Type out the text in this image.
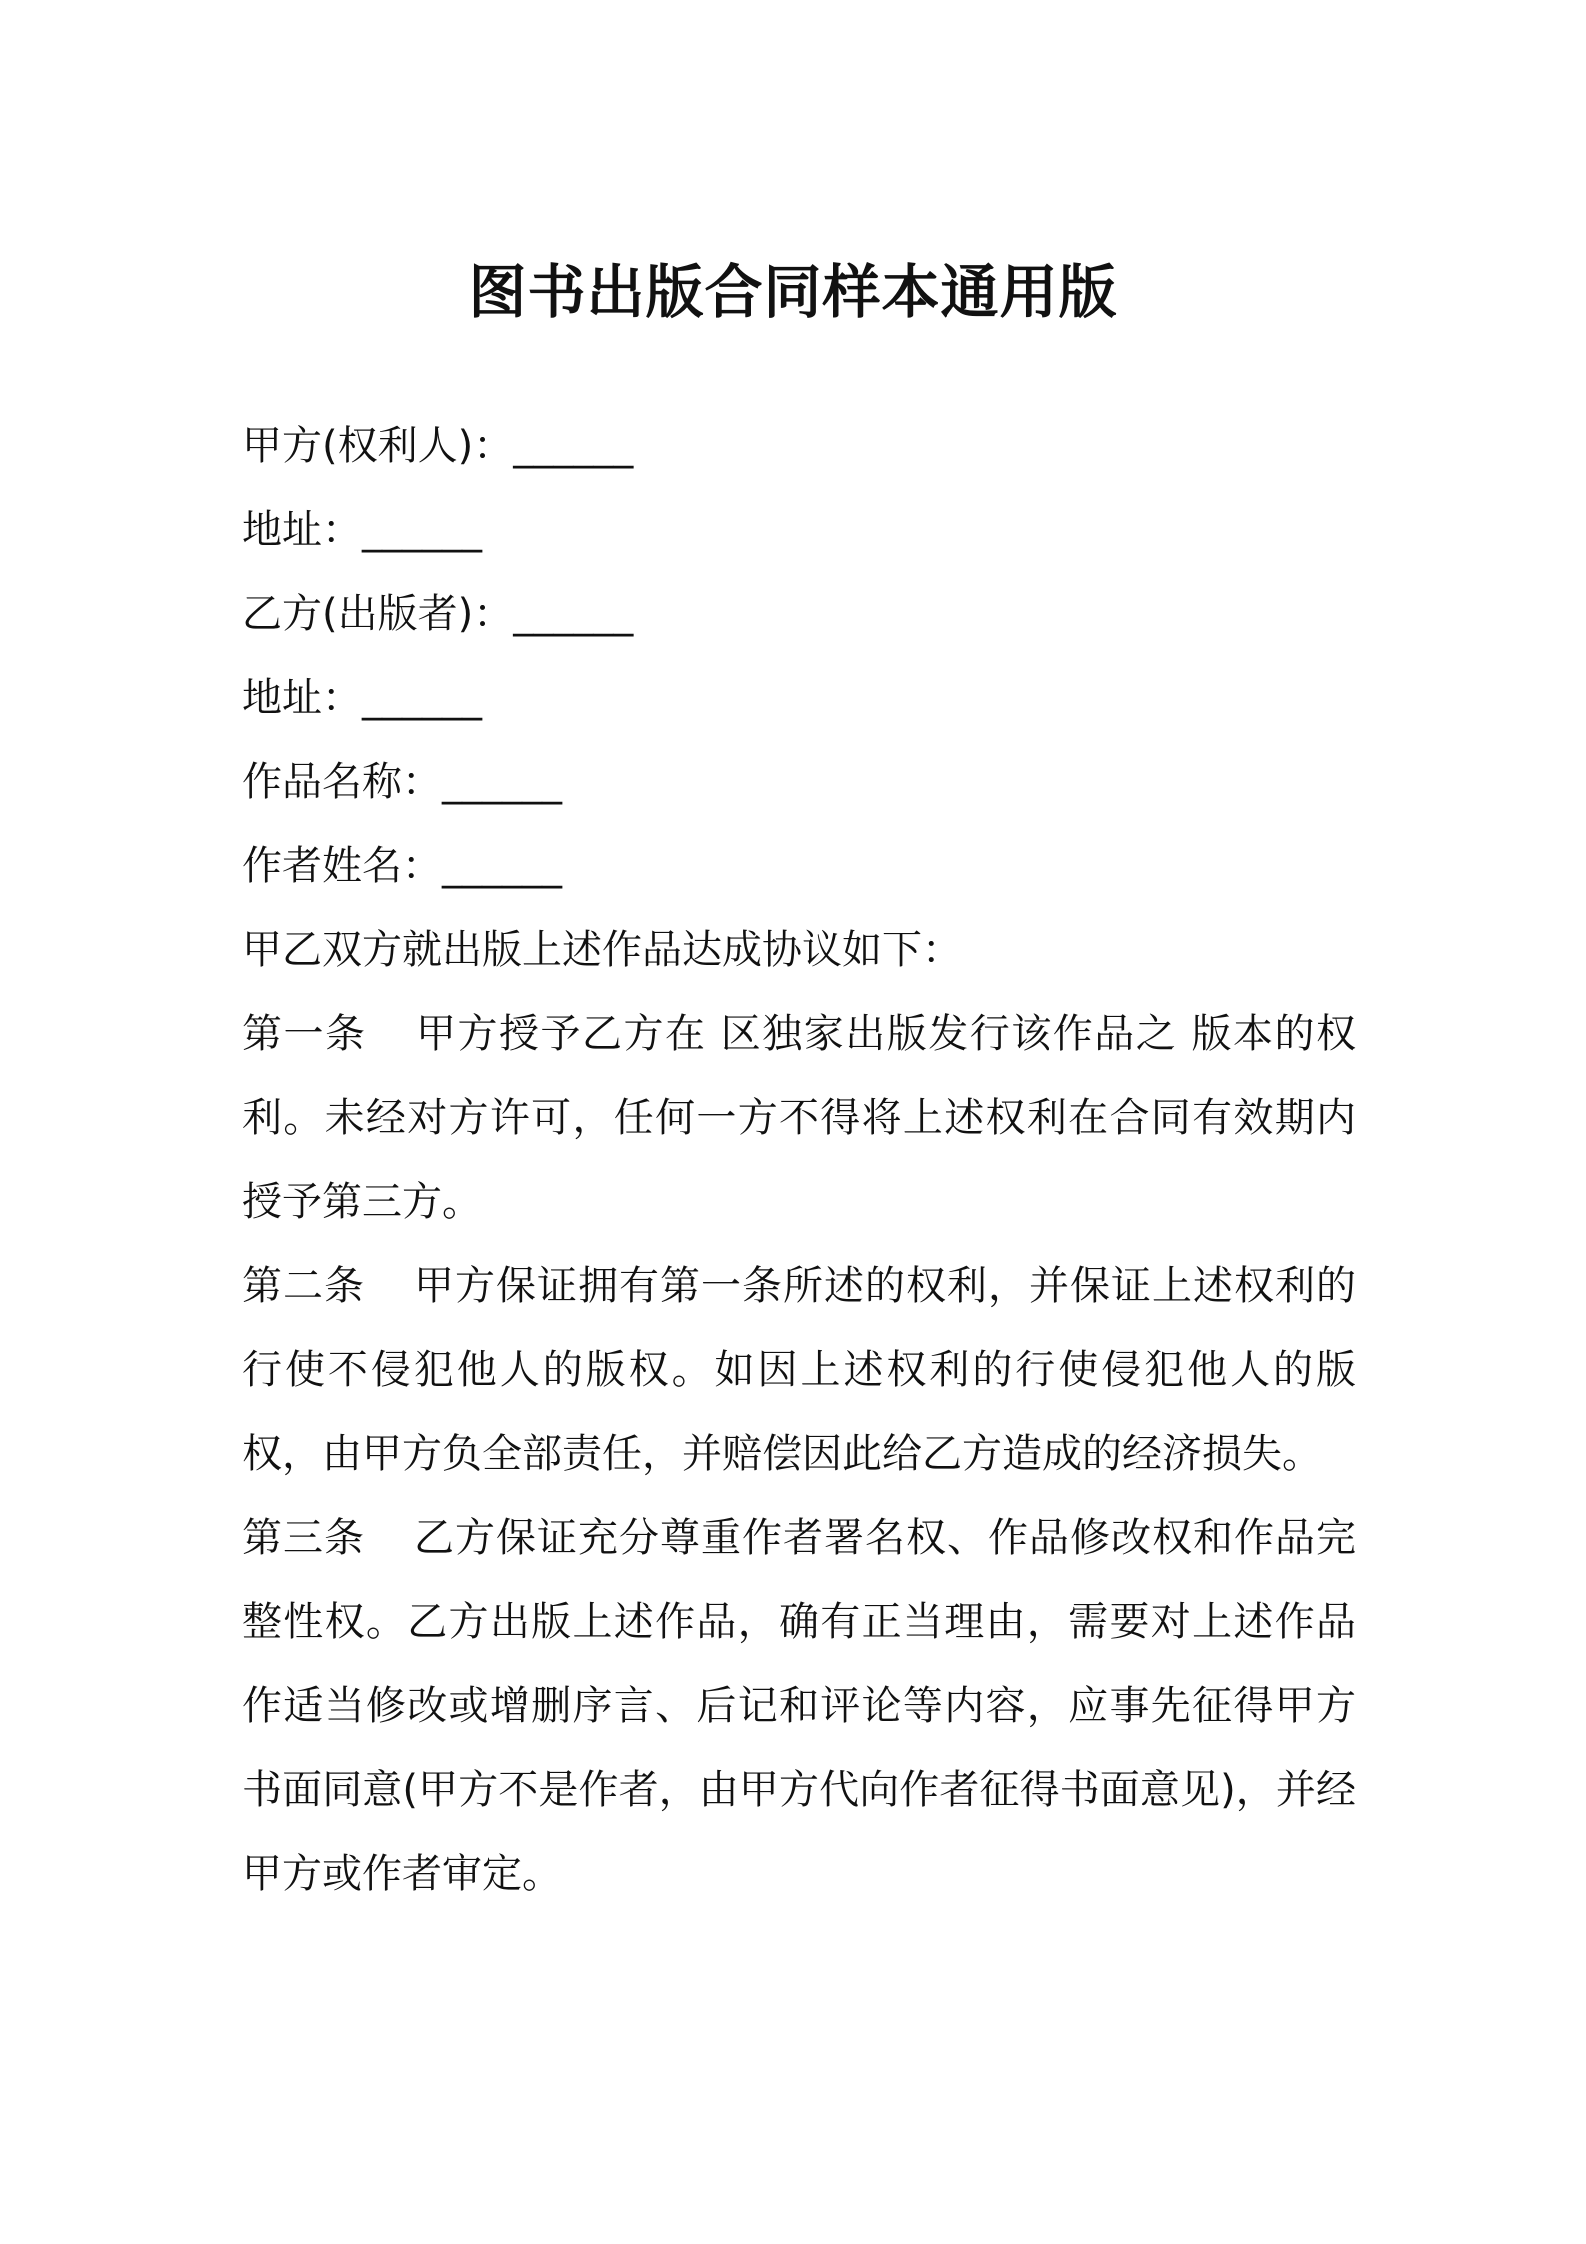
图书出版合同样本通用版
甲方(权利人)：______
地址：______
乙方(出版者)：______
地址：______
作品名称：______
作者姓名：______
甲乙双方就出版上述作品达成协议如下：

第一条 甲方授予乙方在 区独家出版发行该作品之 版本的权利。未经对方许可，任何一方不得将上述权利在合同有效期内授予第三方。

第二条 甲方保证拥有第一条所述的权利，并保证上述权利的行使不侵犯他人的版权。如因上述权利的行使侵犯他人的版权，由甲方负全部责任，并赔偿因此给乙方造成的经济损失。

第三条 乙方保证充分尊重作者署名权、作品修改权和作品完整性权。乙方出版上述作品，确有正当理由，需要对上述作品作适当修改或增删序言、后记和评论等内容，应事先征得甲方书面同意(甲方不是作者，由甲方代向作者征得书面意见)，并经甲方或作者审定。
